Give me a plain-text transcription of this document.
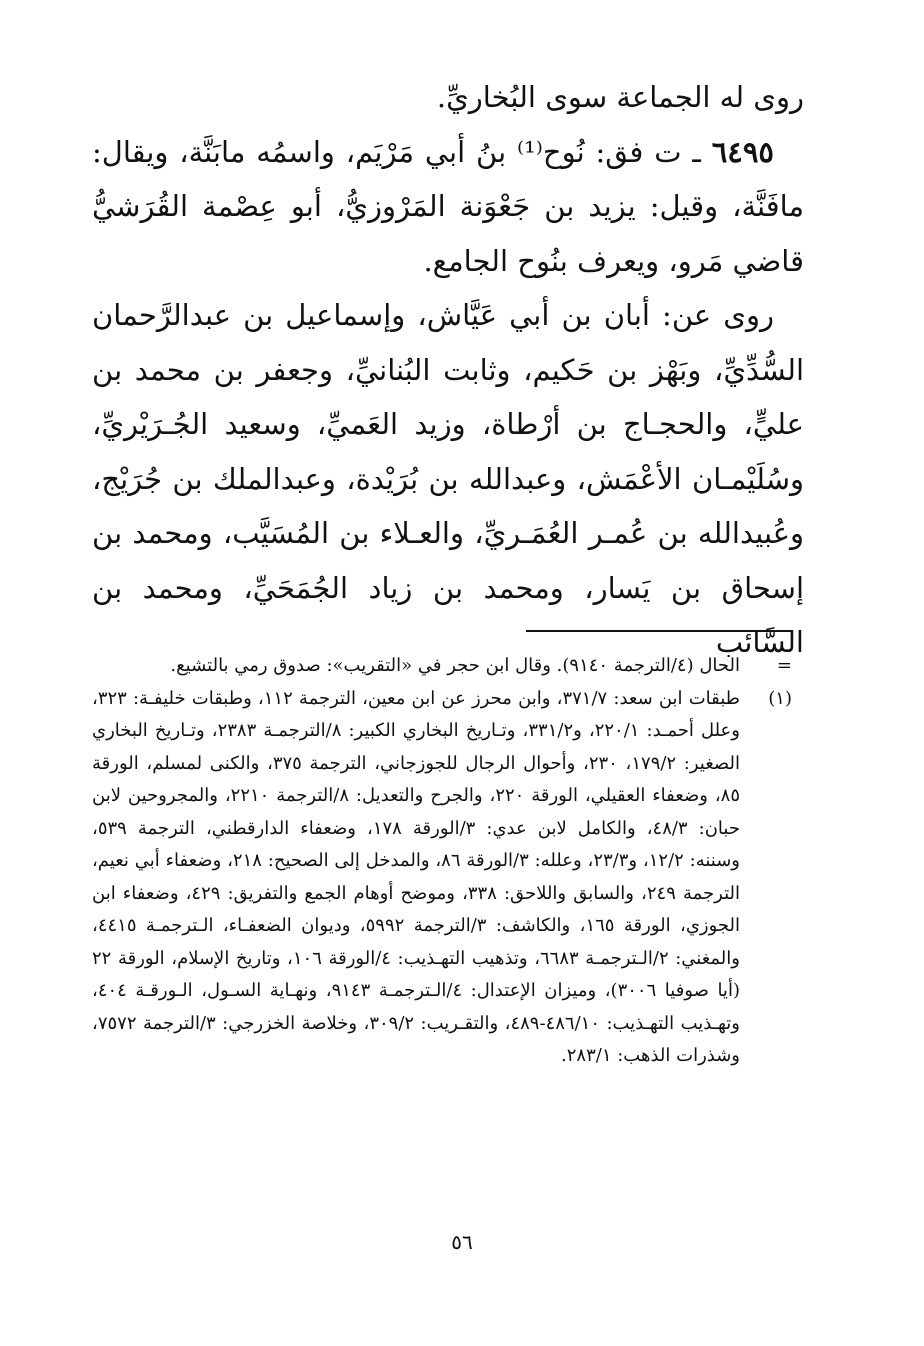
روى له الجماعة سوى البُخاريِّ.

٦٤٩٥ ـ ت فق: نُوح⁽¹⁾ بنُ أبي مَرْيَم، واسمُه مابَنَّة، ويقال: مافَنَّة، وقيل: يزيد بن جَعْوَنة المَرْوزيُّ، أبو عِصْمة القُرَشيُّ قاضي مَرو، ويعرف بنُوح الجامع.

روى عن: أبان بن أبي عَيَّاش، وإسماعيل بن عبدالرَّحمان السُّدِّيِّ، وبَهْز بن حَكيم، وثابت البُنانيِّ، وجعفر بن محمد بن عليٍّ، والحجـاج بن أرْطاة، وزيد العَميِّ، وسعيد الجُـرَيْريِّ، وسُلَيْمـان الأعْمَش، وعبدالله بن بُرَيْدة، وعبدالملك بن جُرَيْج، وعُبيدالله بن عُمـر العُمَـريِّ، والعـلاء بن المُسَيَّب، ومحمد بن إسحاق بن يَسار، ومحمد بن زياد الجُمَحَيِّ، ومحمد بن السَّائب

=
الحال (٤/الترجمة ٩١٤٠). وقال ابن حجر في «التقريب»: صدوق رمي بالتشيع.
(١)
طبقات ابن سعد: ٣٧١/٧، وابن محرز عن ابن معين، الترجمة ١١٢، وطبقات خليفـة: ٣٢٣، وعلل أحمـد: ٢٢٠/١، و٣٣١/٢، وتـاريخ البخاري الكبير: ٨/الترجمـة ٢٣٨٣، وتـاريخ البخاري الصغير: ١٧٩/٢، ٢٣٠، وأحوال الرجال للجوزجاني، الترجمة ٣٧٥، والكنى لمسلم، الورقة ٨٥، وضعفاء العقيلي، الورقة ٢٢٠، والجرح والتعديل: ٨/الترجمة ٢٢١٠، والمجروحين لابن حبان: ٤٨/٣، والكامل لابن عدي: ٣/الورقة ١٧٨، وضعفاء الدارقطني، الترجمة ٥٣٩، وسننه: ١٢/٢، و٢٣/٣، وعلله: ٣/الورقة ٨٦، والمدخل إلى الصحيح: ٢١٨، وضعفاء أبي نعيم، الترجمة ٢٤٩، والسابق واللاحق: ٣٣٨، وموضح أوهام الجمع والتفريق: ٤٢٩، وضعفاء ابن الجوزي، الورقة ١٦٥، والكاشف: ٣/الترجمة ٥٩٩٢، وديوان الضعفـاء، الـترجمـة ٤٤١٥، والمغني: ٢/الـترجمـة ٦٦٨٣، وتذهيب التهـذيب: ٤/الورقة ١٠٦، وتاريخ الإسلام، الورقة ٢٢ (أيا صوفيا ٣٠٠٦)، وميزان الإعتدال: ٤/الـترجمـة ٩١٤٣، ونهـاية السـول، الـورقـة ٤٠٤، وتهـذيب التهـذيب: ٤٨٦/١٠-٤٨٩، والتقـريب: ٣٠٩/٢، وخلاصة الخزرجي: ٣/الترجمة ٧٥٧٢، وشذرات الذهب: ٢٨٣/١.
٥٦
